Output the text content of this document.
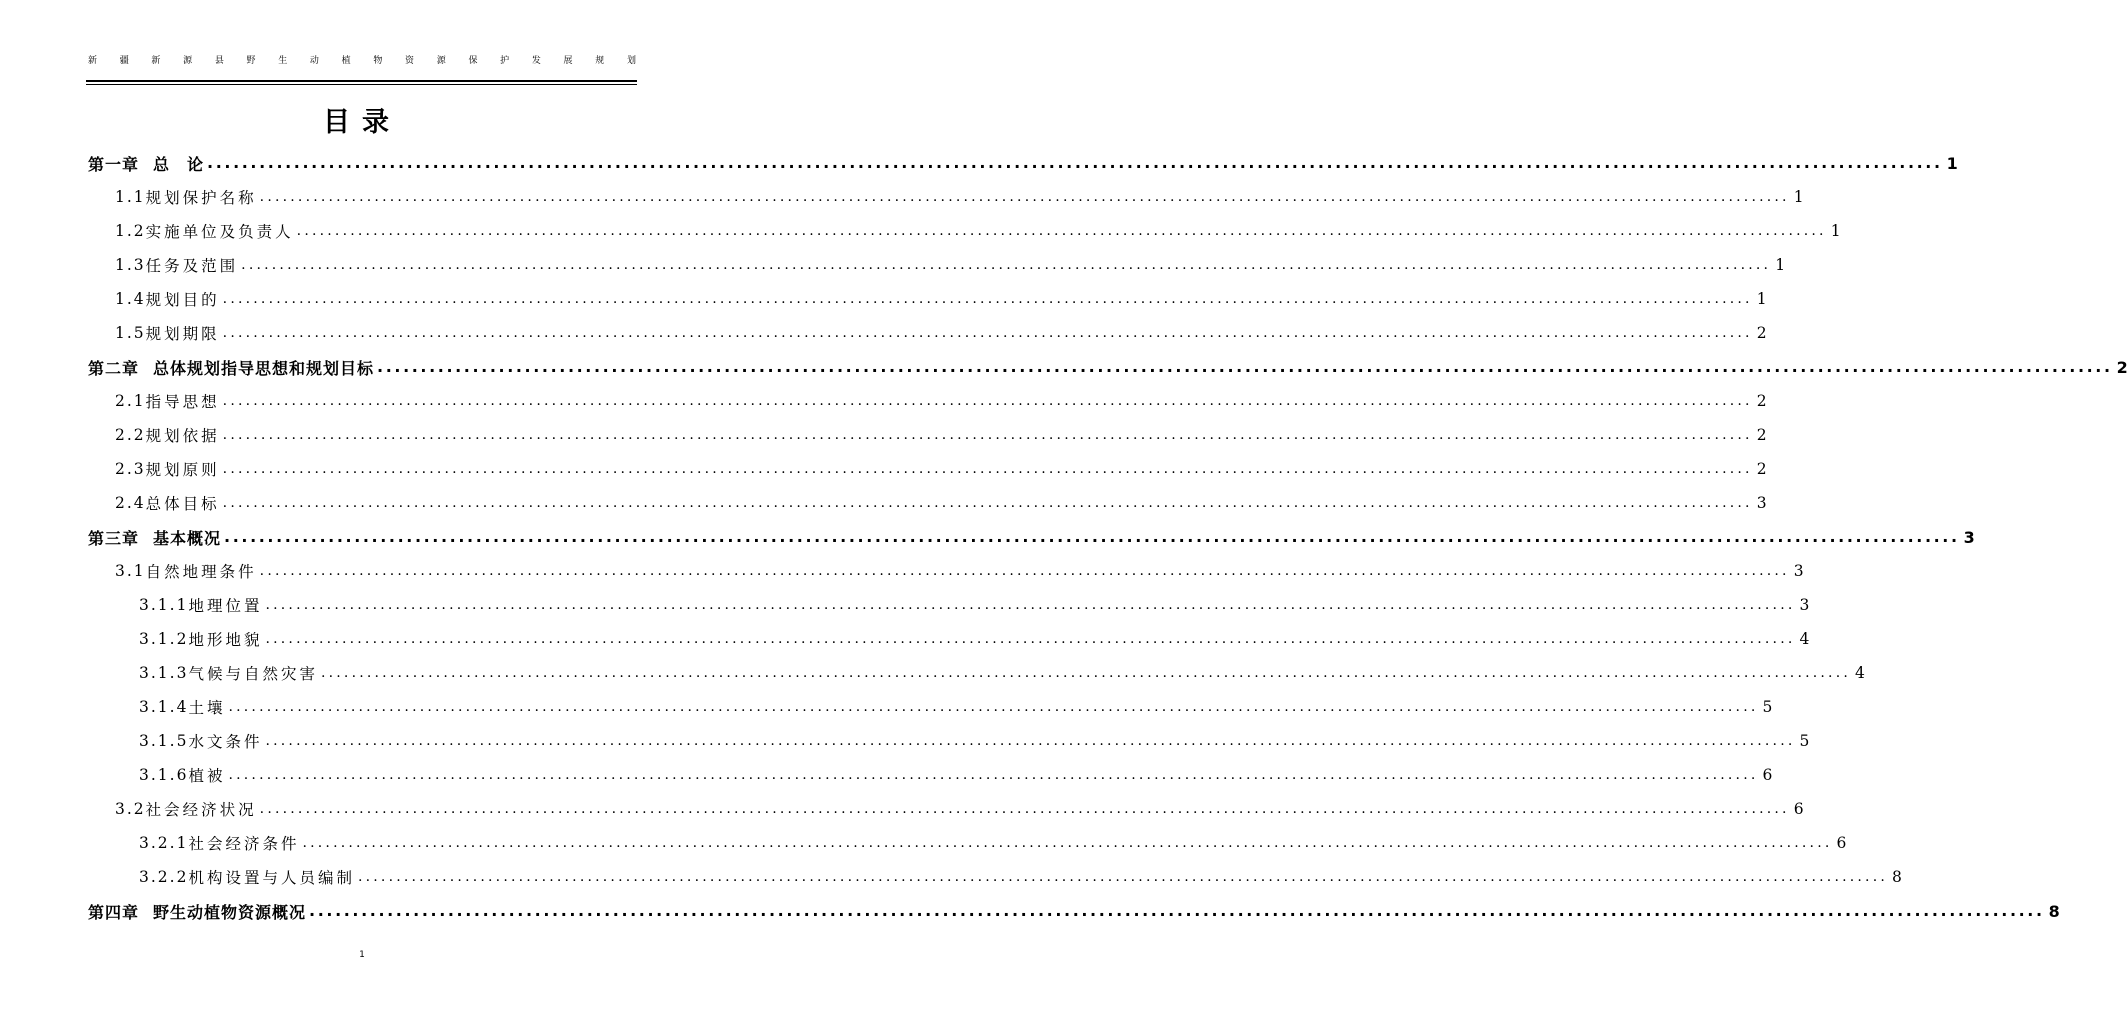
新	疆	新	源	县	野	生	动	植	物	资	源	保	护	发	展	规	划
目录
第一章 总　论 ........................................................................................................................................................................................................ 1
1.1 规划保护名称 ........................................................................................................................................................................................................ 1
1.2 实施单位及负责人 ........................................................................................................................................................................................................ 1
1.3 任务及范围 ........................................................................................................................................................................................................ 1
1.4 规划目的 ........................................................................................................................................................................................................ 1
1.5 规划期限 ........................................................................................................................................................................................................ 2
第二章 总体规划指导思想和规划目标 ........................................................................................................................................................................................................ 2
2.1 指导思想 ........................................................................................................................................................................................................ 2
2.2 规划依据 ........................................................................................................................................................................................................ 2
2.3 规划原则 ........................................................................................................................................................................................................ 2
2.4 总体目标 ........................................................................................................................................................................................................ 3
第三章 基本概况 ........................................................................................................................................................................................................ 3
3.1 自然地理条件 ........................................................................................................................................................................................................ 3
3.1.1 地理位置 ........................................................................................................................................................................................................ 3
3.1.2 地形地貌 ........................................................................................................................................................................................................ 4
3.1.3 气候与自然灾害 ........................................................................................................................................................................................................ 4
3.1.4 土壤 ........................................................................................................................................................................................................ 5
3.1.5 水文条件 ........................................................................................................................................................................................................ 5
3.1.6 植被 ........................................................................................................................................................................................................ 6
3.2 社会经济状况 ........................................................................................................................................................................................................ 6
3.2.1 社会经济条件 ........................................................................................................................................................................................................ 6
3.2.2 机构设置与人员编制 ........................................................................................................................................................................................................ 8
第四章 野生动植物资源概况 ........................................................................................................................................................................................................ 8
1
